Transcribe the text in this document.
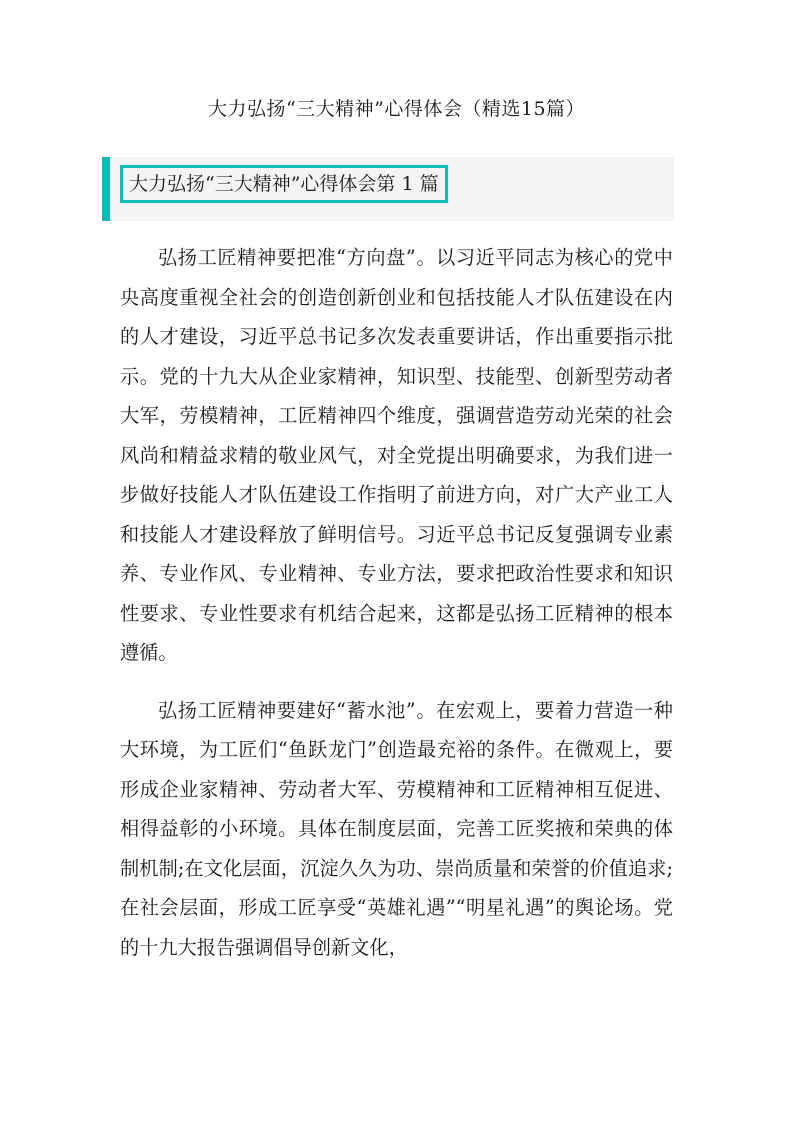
大力弘扬“三大精神”心得体会（精选15篇）
大力弘扬“三大精神”心得体会第 1 篇

弘扬工匠精神要把准“方向盘”。以习近平同志为核心的党中央高度重视全社会的创造创新创业和包括技能人才队伍建设在内的人才建设，习近平总书记多次发表重要讲话，作出重要指示批示。党的十九大从企业家精神，知识型、技能型、创新型劳动者大军，劳模精神，工匠精神四个维度，强调营造劳动光荣的社会风尚和精益求精的敬业风气，对全党提出明确要求，为我们进一步做好技能人才队伍建设工作指明了前进方向，对广大产业工人和技能人才建设释放了鲜明信号。习近平总书记反复强调专业素养、专业作风、专业精神、专业方法，要求把政治性要求和知识性要求、专业性要求有机结合起来，这都是弘扬工匠精神的根本遵循。

弘扬工匠精神要建好“蓄水池”。在宏观上，要着力营造一种大环境，为工匠们“鱼跃龙门”创造最充裕的条件。在微观上，要形成企业家精神、劳动者大军、劳模精神和工匠精神相互促进、相得益彰的小环境。具体在制度层面，完善工匠奖掖和荣典的体制机制;在文化层面，沉淀久久为功、崇尚质量和荣誉的价值追求;在社会层面，形成工匠享受“英雄礼遇”“明星礼遇”的舆论场。党的十九大报告强调倡导创新文化，
